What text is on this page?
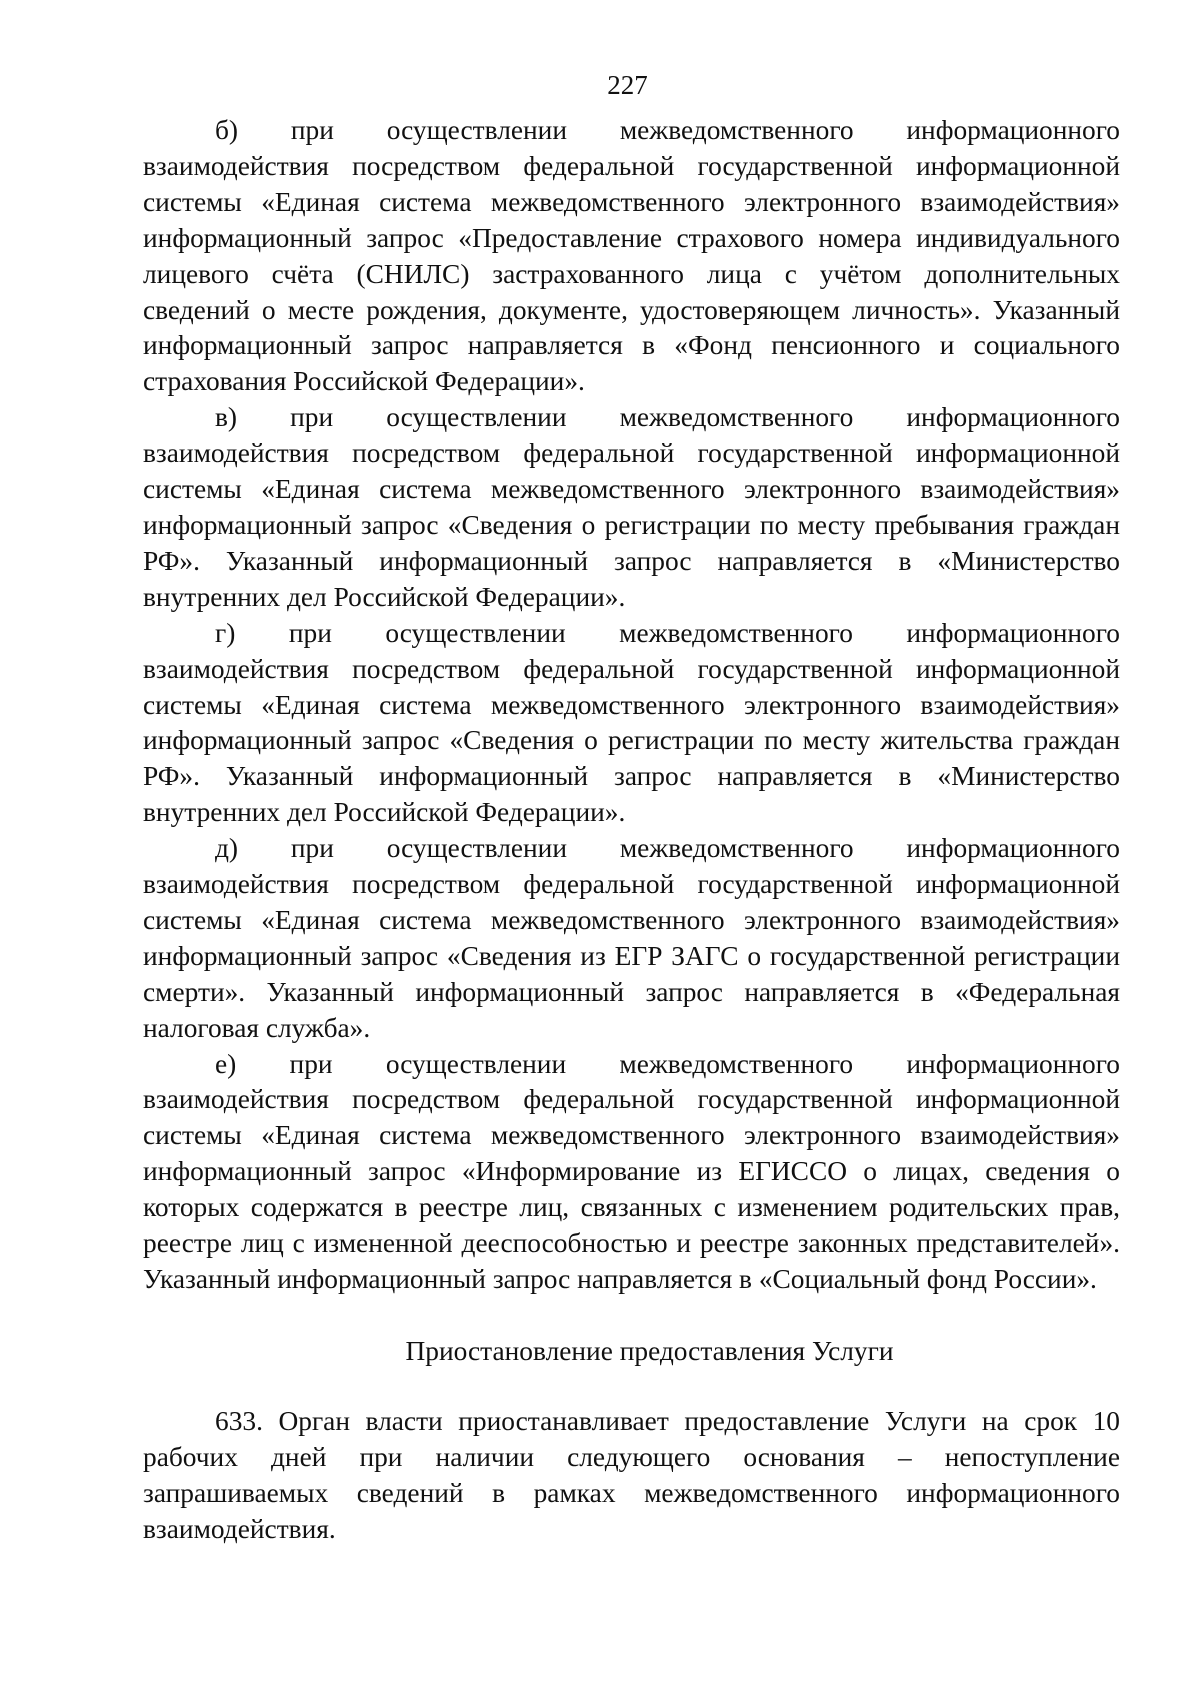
227

б) при осуществлении межведомственного информационного взаимодействия посредством федеральной государственной информационной системы «Единая система межведомственного электронного взаимодействия» информационный запрос «Предоставление страхового номера индивидуального лицевого счёта (СНИЛС) застрахованного лица с учётом дополнительных сведений о месте рождения, документе, удостоверяющем личность». Указанный информационный запрос направляется в «Фонд пенсионного и социального страхования Российской Федерации».

в) при осуществлении межведомственного информационного взаимодействия посредством федеральной государственной информационной системы «Единая система межведомственного электронного взаимодействия» информационный запрос «Сведения о регистрации по месту пребывания граждан РФ». Указанный информационный запрос направляется в «Министерство внутренних дел Российской Федерации».

г) при осуществлении межведомственного информационного взаимодействия посредством федеральной государственной информационной системы «Единая система межведомственного электронного взаимодействия» информационный запрос «Сведения о регистрации по месту жительства граждан РФ». Указанный информационный запрос направляется в «Министерство внутренних дел Российской Федерации».

д) при осуществлении межведомственного информационного взаимодействия посредством федеральной государственной информационной системы «Единая система межведомственного электронного взаимодействия» информационный запрос «Сведения из ЕГР ЗАГС о государственной регистрации смерти». Указанный информационный запрос направляется в «Федеральная налоговая служба».

е) при осуществлении межведомственного информационного взаимодействия посредством федеральной государственной информационной системы «Единая система межведомственного электронного взаимодействия» информационный запрос «Информирование из ЕГИССО о лицах, сведения о которых содержатся в реестре лиц, связанных с изменением родительских прав, реестре лиц с измененной дееспособностью и реестре законных представителей». Указанный информационный запрос направляется в «Социальный фонд России».

Приостановление предоставления Услуги

633. Орган власти приостанавливает предоставление Услуги на срок 10 рабочих дней при наличии следующего основания – непоступление запрашиваемых сведений в рамках межведомственного информационного взаимодействия.
